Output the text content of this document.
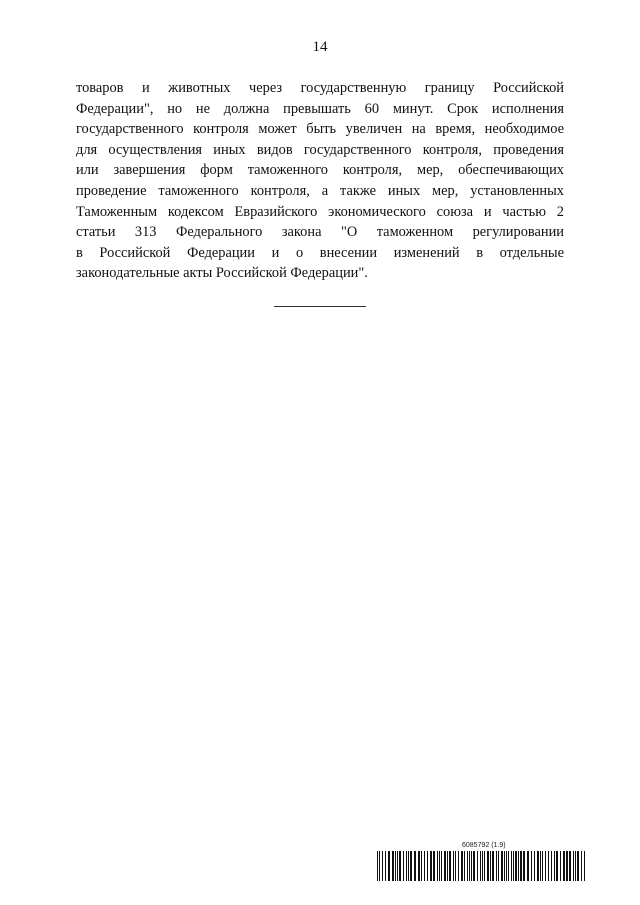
14
товаров и животных через государственную границу Российской
Федерации", но не должна превышать 60 минут. Срок исполнения
государственного контроля может быть увеличен на время, необходимое
для осуществления иных видов государственного контроля, проведения
или завершения форм таможенного контроля, мер, обеспечивающих
проведение таможенного контроля, а также иных мер, установленных
Таможенным кодексом Евразийского экономического союза и частью 2
статьи 313 Федерального закона "О таможенном регулировании
в Российской Федерации и о внесении изменений в отдельные
законодательные акты Российской Федерации".
6085792 (1.9)
